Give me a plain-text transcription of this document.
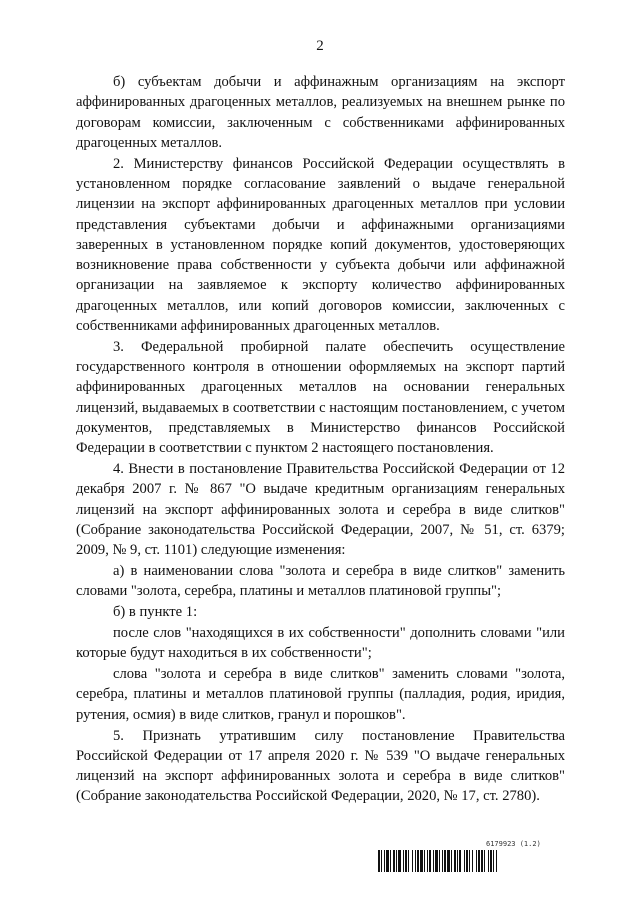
2

б) субъектам добычи и аффинажным организациям на экспорт аффинированных драгоценных металлов, реализуемых на внешнем рынке по договорам комиссии, заключенным с собственниками аффинированных драгоценных металлов.

2. Министерству финансов Российской Федерации осуществлять в установленном порядке согласование заявлений о выдаче генеральной лицензии на экспорт аффинированных драгоценных металлов при условии представления субъектами добычи и аффинажными организациями заверенных в установленном порядке копий документов, удостоверяющих возникновение права собственности у субъекта добычи или аффинажной организации на заявляемое к экспорту количество аффинированных драгоценных металлов, или копий договоров комиссии, заключенных с собственниками аффинированных драгоценных металлов.

3. Федеральной пробирной палате обеспечить осуществление государственного контроля в отношении оформляемых на экспорт партий аффинированных драгоценных металлов на основании генеральных лицензий, выдаваемых в соответствии с настоящим постановлением, с учетом документов, представляемых в Министерство финансов Российской Федерации в соответствии с пунктом 2 настоящего постановления.

4. Внести в постановление Правительства Российской Федерации от 12 декабря 2007 г. № 867 "О выдаче кредитным организациям генеральных лицензий на экспорт аффинированных золота и серебра в виде слитков" (Собрание законодательства Российской Федерации, 2007, № 51, ст. 6379; 2009, № 9, ст. 1101) следующие изменения:

а) в наименовании слова "золота и серебра в виде слитков" заменить словами "золота, серебра, платины и металлов платиновой группы";

б) в пункте 1:

после слов "находящихся в их собственности" дополнить словами "или которые будут находиться в их собственности";

слова "золота и серебра в виде слитков" заменить словами "золота, серебра, платины и металлов платиновой группы (палладия, родия, иридия, рутения, осмия) в виде слитков, гранул и порошков".

5. Признать утратившим силу постановление Правительства Российской Федерации от 17 апреля 2020 г. № 539 "О выдаче генеральных лицензий на экспорт аффинированных золота и серебра в виде слитков" (Собрание законодательства Российской Федерации, 2020, № 17, ст. 2780).

6179923 (1.2)
